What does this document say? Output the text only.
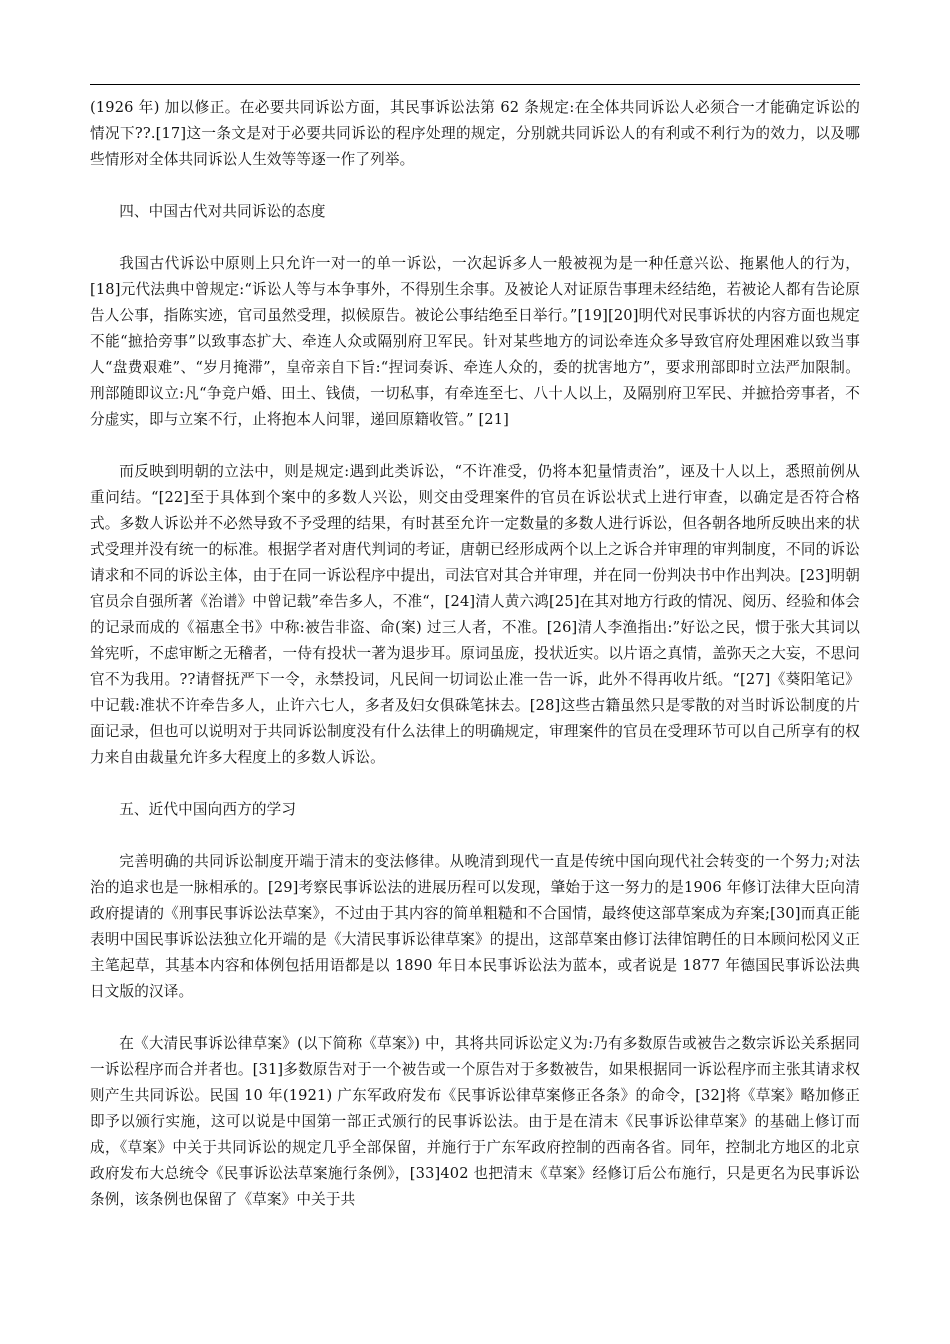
(1926 年) 加以修正。在必要共同诉讼方面，其民事诉讼法第 62 条规定:在全体共同诉讼人必须合一才能确定诉讼的情况下??.[17]这一条文是对于必要共同诉讼的程序处理的规定，分别就共同诉讼人的有利或不利行为的效力，以及哪些情形对全体共同诉讼人生效等等逐一作了列举。

四、中国古代对共同诉讼的态度

我国古代诉讼中原则上只允许一对一的单一诉讼，一次起诉多人一般被视为是一种任意兴讼、拖累他人的行为，[18]元代法典中曾规定:“诉讼人等与本争事外，不得别生余事。及被论人对证原告事理未经结绝，若被论人都有告论原告人公事，指陈实迹，官司虽然受理，拟候原告。被论公事结绝至日举行。”[19][20]明代对民事诉状的内容方面也规定不能“摭拾旁事”以致事态扩大、牵连人众或隔别府卫军民。针对某些地方的词讼牵连众多导致官府处理困难以致当事人“盘费艰难”、“岁月掩滞”，皇帝亲自下旨:“捏词奏诉、牵连人众的，委的扰害地方”，要求刑部即时立法严加限制。刑部随即议立:凡“争竞户婚、田土、钱债，一切私事，有牵连至七、八十人以上，及隔别府卫军民、并摭拾旁事者，不分虚实，即与立案不行，止将抱本人问罪，递回原籍收管。” [21]

而反映到明朝的立法中，则是规定:遇到此类诉讼，“不许准受，仍将本犯量情责治”，诬及十人以上，悉照前例从重问结。“[22]至于具体到个案中的多数人兴讼，则交由受理案件的官员在诉讼状式上进行审查，以确定是否符合格式。多数人诉讼并不必然导致不予受理的结果，有时甚至允许一定数量的多数人进行诉讼，但各朝各地所反映出来的状式受理并没有统一的标准。根据学者对唐代判词的考证，唐朝已经形成两个以上之诉合并审理的审判制度，不同的诉讼请求和不同的诉讼主体，由于在同一诉讼程序中提出，司法官对其合并审理，并在同一份判决书中作出判决。[23]明朝官员佘自强所著《治谱》中曾记载”牵告多人，不准“，[24]清人黄六鸿[25]在其对地方行政的情况、阅历、经验和体会的记录而成的《福惠全书》中称:被告非盗、命(案) 过三人者，不准。[26]清人李渔指出:”好讼之民，惯于张大其词以耸宪听，不虑审断之无稽者，一侍有投状一著为退步耳。原词虽庞，投状近实。以片语之真情，盖弥天之大妄，不思问官不为我用。??请督抚严下一令，永禁投词，凡民间一切词讼止准一告一诉，此外不得再收片纸。“[27]《葵阳笔记》中记载:准状不许牵告多人，止许六七人，多者及妇女俱硃笔抹去。[28]这些古籍虽然只是零散的对当时诉讼制度的片面记录，但也可以说明对于共同诉讼制度没有什么法律上的明确规定，审理案件的官员在受理环节可以自己所享有的权力来自由裁量允许多大程度上的多数人诉讼。

五、近代中国向西方的学习

完善明确的共同诉讼制度开端于清末的变法修律。从晚清到现代一直是传统中国向现代社会转变的一个努力;对法治的追求也是一脉相承的。[29]考察民事诉讼法的进展历程可以发现，肇始于这一努力的是1906 年修订法律大臣向清政府提请的《刑事民事诉讼法草案》，不过由于其内容的简单粗糙和不合国情，最终使这部草案成为弃案;[30]而真正能表明中国民事诉讼法独立化开端的是《大清民事诉讼律草案》的提出，这部草案由修订法律馆聘任的日本顾问松冈义正主笔起草，其基本内容和体例包括用语都是以 1890 年日本民事诉讼法为蓝本，或者说是 1877 年德国民事诉讼法典日文版的汉译。

在《大清民事诉讼律草案》(以下简称《草案》) 中，其将共同诉讼定义为:乃有多数原告或被告之数宗诉讼关系据同一诉讼程序而合并者也。[31]多数原告对于一个被告或一个原告对于多数被告，如果根据同一诉讼程序而主张其请求权则产生共同诉讼。民国 10 年(1921) 广东军政府发布《民事诉讼律草案修正各条》的命令，[32]将《草案》略加修正即予以颁行实施，这可以说是中国第一部正式颁行的民事诉讼法。由于是在清末《民事诉讼律草案》的基础上修订而成，《草案》中关于共同诉讼的规定几乎全部保留，并施行于广东军政府控制的西南各省。同年，控制北方地区的北京政府发布大总统令《民事诉讼法草案施行条例》，[33]402 也把清末《草案》经修订后公布施行，只是更名为民事诉讼条例，该条例也保留了《草案》中关于共
